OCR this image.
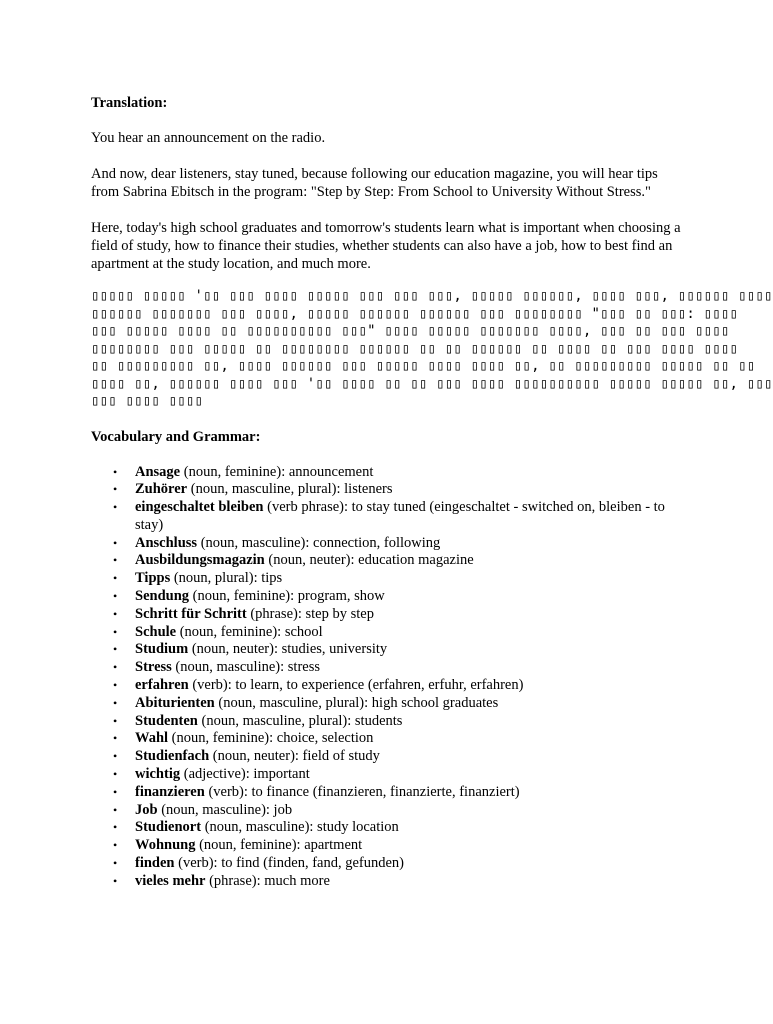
Translation:

You hear an announcement on the radio.

And now, dear listeners, stay tuned, because following our education magazine, you will hear tips from Sabrina Ebitsch in the program: "Step by Step: From School to University Without Stress."

Here, today's high school graduates and tomorrow's students learn what is important when choosing a field of study, how to finance their studies, whether students can also have a job, how to best find an apartment at the study location, and much more.

▯▯▯▯▯ ▯▯▯▯▯ '▯▯ ▯▯▯ ▯▯▯▯ ▯▯▯▯▯ ▯▯▯ ▯▯▯ ▯▯▯, ▯▯▯▯▯ ▯▯▯▯▯▯, ▯▯▯▯ ▯▯▯, ▯▯▯▯▯▯ ▯▯▯▯
▯▯▯▯▯▯ ▯▯▯▯▯▯▯ ▯▯▯ ▯▯▯▯, ▯▯▯▯▯ ▯▯▯▯▯▯ ▯▯▯▯▯▯ ▯▯▯ ▯▯▯▯▯▯▯▯ "▯▯▯ ▯▯ ▯▯▯: ▯▯▯▯
▯▯▯ ▯▯▯▯▯ ▯▯▯▯ ▯▯ ▯▯▯▯▯▯▯▯▯▯ ▯▯▯" ▯▯▯▯ ▯▯▯▯▯ ▯▯▯▯▯▯▯ ▯▯▯▯, ▯▯▯ ▯▯ ▯▯▯ ▯▯▯▯
▯▯▯▯▯▯▯▯ ▯▯▯ ▯▯▯▯▯ ▯▯ ▯▯▯▯▯▯▯▯ ▯▯▯▯▯▯ ▯▯ ▯▯ ▯▯▯▯▯▯ ▯▯ ▯▯▯▯ ▯▯ ▯▯▯ ▯▯▯▯ ▯▯▯▯
▯▯ ▯▯▯▯▯▯▯▯▯ ▯▯, ▯▯▯▯ ▯▯▯▯▯▯ ▯▯▯ ▯▯▯▯▯ ▯▯▯▯ ▯▯▯▯ ▯▯, ▯▯ ▯▯▯▯▯▯▯▯▯ ▯▯▯▯▯ ▯▯ ▯▯
▯▯▯▯ ▯▯, ▯▯▯▯▯▯ ▯▯▯▯ ▯▯▯ '▯▯ ▯▯▯▯ ▯▯ ▯▯ ▯▯▯ ▯▯▯▯ ▯▯▯▯▯▯▯▯▯▯ ▯▯▯▯▯ ▯▯▯▯▯ ▯▯, ▯▯▯
▯▯▯ ▯▯▯▯ ▯▯▯▯

Vocabulary and Grammar:

• Ansage (noun, feminine): announcement
• Zuhörer (noun, masculine, plural): listeners
• eingeschaltet bleiben (verb phrase): to stay tuned (eingeschaltet - switched on, bleiben - to stay)
• Anschluss (noun, masculine): connection, following
• Ausbildungsmagazin (noun, neuter): education magazine
• Tipps (noun, plural): tips
• Sendung (noun, feminine): program, show
• Schritt für Schritt (phrase): step by step
• Schule (noun, feminine): school
• Studium (noun, neuter): studies, university
• Stress (noun, masculine): stress
• erfahren (verb): to learn, to experience (erfahren, erfuhr, erfahren)
• Abiturienten (noun, masculine, plural): high school graduates
• Studenten (noun, masculine, plural): students
• Wahl (noun, feminine): choice, selection
• Studienfach (noun, neuter): field of study
• wichtig (adjective): important
• finanzieren (verb): to finance (finanzieren, finanzierte, finanziert)
• Job (noun, masculine): job
• Studienort (noun, masculine): study location
• Wohnung (noun, feminine): apartment
• finden (verb): to find (finden, fand, gefunden)
• vieles mehr (phrase): much more
